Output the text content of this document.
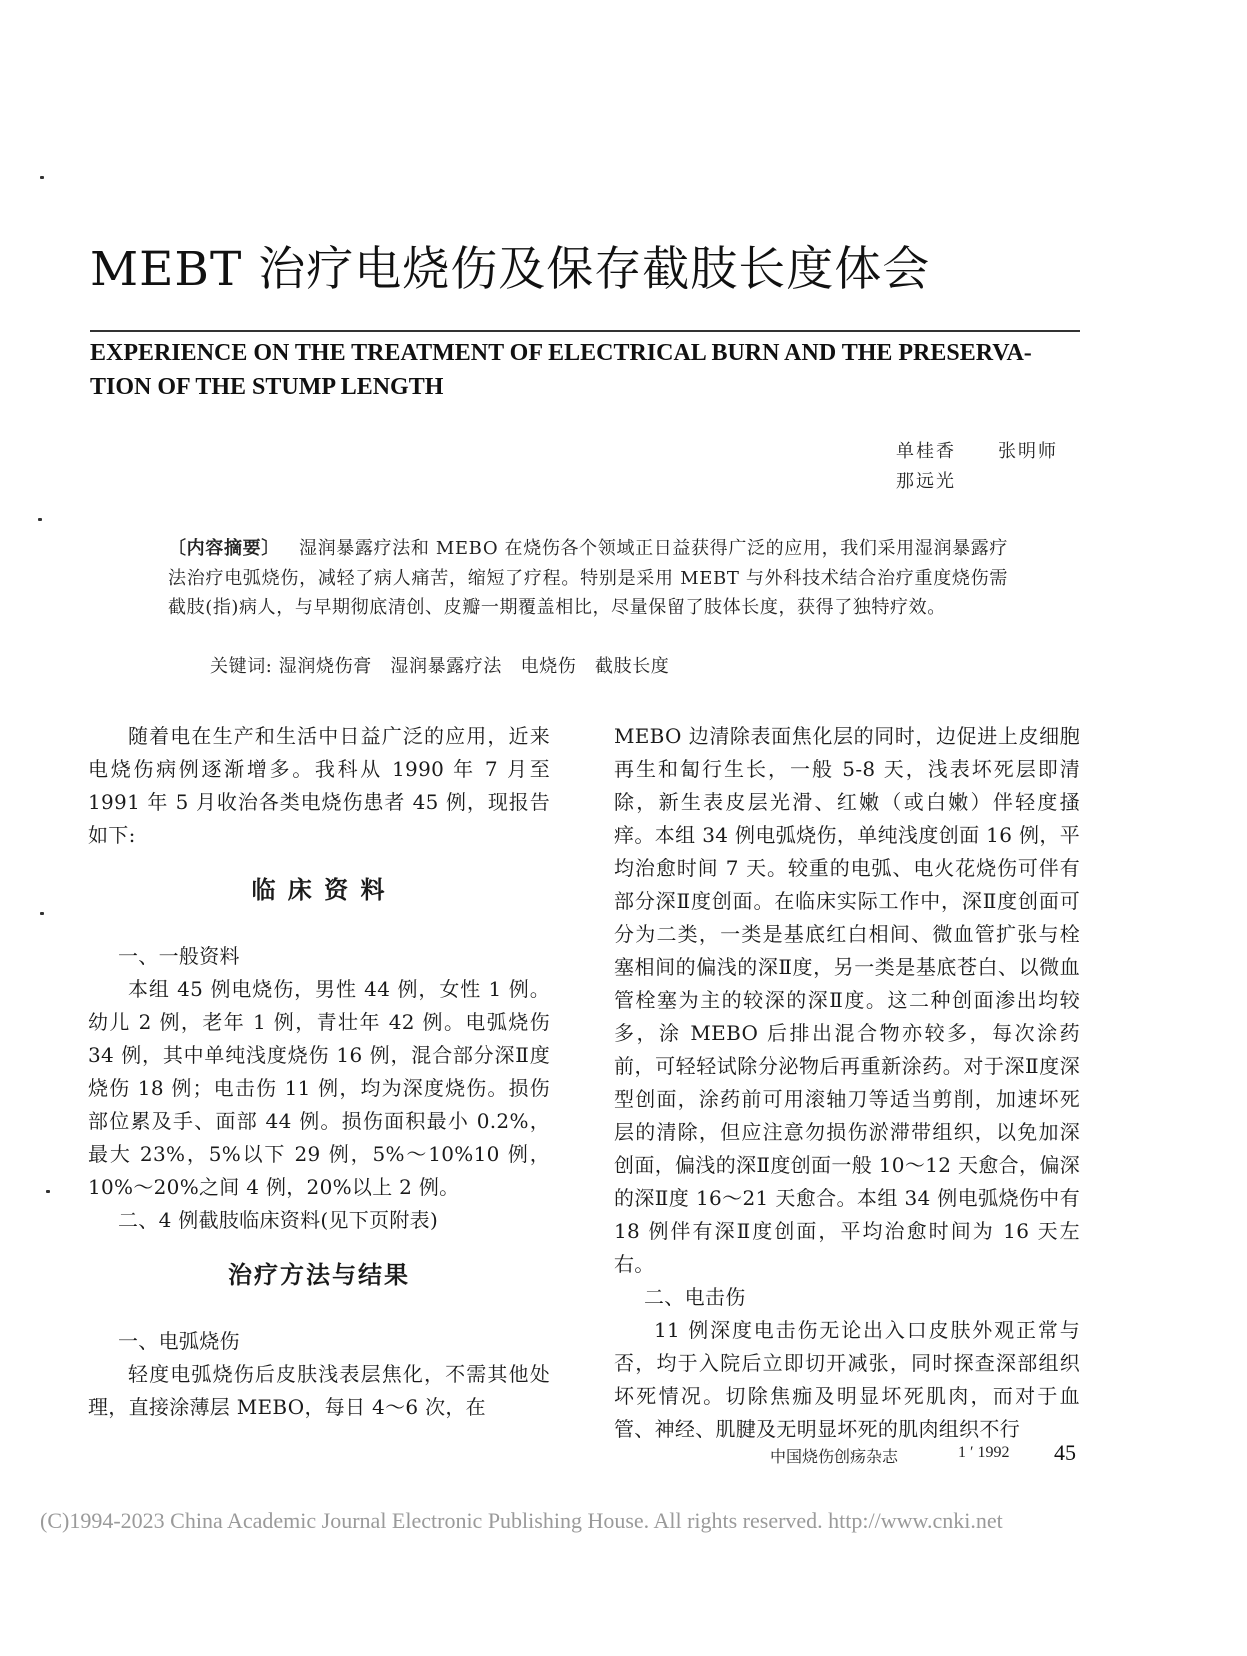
MEBT 治疗电烧伤及保存截肢长度体会
EXPERIENCE ON THE TREATMENT OF ELECTRICAL BURN AND THE PRESERVA-
TION OF THE STUMP LENGTH
单桂香 张明师
那远光
〔内容摘要〕 湿润暴露疗法和 MEBO 在烧伤各个领域正日益获得广泛的应用，我们采用湿润暴露疗法治疗电弧烧伤，减轻了病人痛苦，缩短了疗程。特别是采用 MEBT 与外科技术结合治疗重度烧伤需截肢(指)病人，与早期彻底清创、皮瓣一期覆盖相比，尽量保留了肢体长度，获得了独特疗效。
关键词: 湿润烧伤膏　湿润暴露疗法　电烧伤　截肢长度

随着电在生产和生活中日益广泛的应用，近来电烧伤病例逐渐增多。我科从 1990 年 7 月至 1991 年 5 月收治各类电烧伤患者 45 例，现报告如下:

临 床 资 料

一、一般资料

本组 45 例电烧伤，男性 44 例，女性 1 例。幼儿 2 例，老年 1 例，青壮年 42 例。电弧烧伤 34 例，其中单纯浅度烧伤 16 例，混合部分深Ⅱ度烧伤 18 例；电击伤 11 例，均为深度烧伤。损伤部位累及手、面部 44 例。损伤面积最小 0.2%，最大 23%，5%以下 29 例，5%～10%10 例，10%～20%之间 4 例，20%以上 2 例。

二、4 例截肢临床资料(见下页附表)

治疗方法与结果

一、电弧烧伤

轻度电弧烧伤后皮肤浅表层焦化，不需其他处理，直接涂薄层 MEBO，每日 4～6 次，在

MEBO 边清除表面焦化层的同时，边促进上皮细胞再生和匐行生长，一般 5-8 天，浅表坏死层即清除，新生表皮层光滑、红嫩（或白嫩）伴轻度搔痒。本组 34 例电弧烧伤，单纯浅度创面 16 例，平均治愈时间 7 天。较重的电弧、电火花烧伤可伴有部分深Ⅱ度创面。在临床实际工作中，深Ⅱ度创面可分为二类，一类是基底红白相间、微血管扩张与栓塞相间的偏浅的深Ⅱ度，另一类是基底苍白、以微血管栓塞为主的较深的深Ⅱ度。这二种创面渗出均较多，涂 MEBO 后排出混合物亦较多，每次涂药前，可轻轻试除分泌物后再重新涂药。对于深Ⅱ度深型创面，涂药前可用滚轴刀等适当剪削，加速坏死层的清除，但应注意勿损伤淤滞带组织，以免加深创面，偏浅的深Ⅱ度创面一般 10～12 天愈合，偏深的深Ⅱ度 16～21 天愈合。本组 34 例电弧烧伤中有 18 例伴有深Ⅱ度创面，平均治愈时间为 16 天左右。

二、电击伤

11 例深度电击伤无论出入口皮肤外观正常与否，均于入院后立即切开减张，同时探查深部组织坏死情况。切除焦痂及明显坏死肌肉，而对于血管、神经、肌腱及无明显坏死的肌肉组织不行

中国烧伤创疡杂志	1 ′ 1992 45
(C)1994-2023 China Academic Journal Electronic Publishing House. All rights reserved. http://www.cnki.net
